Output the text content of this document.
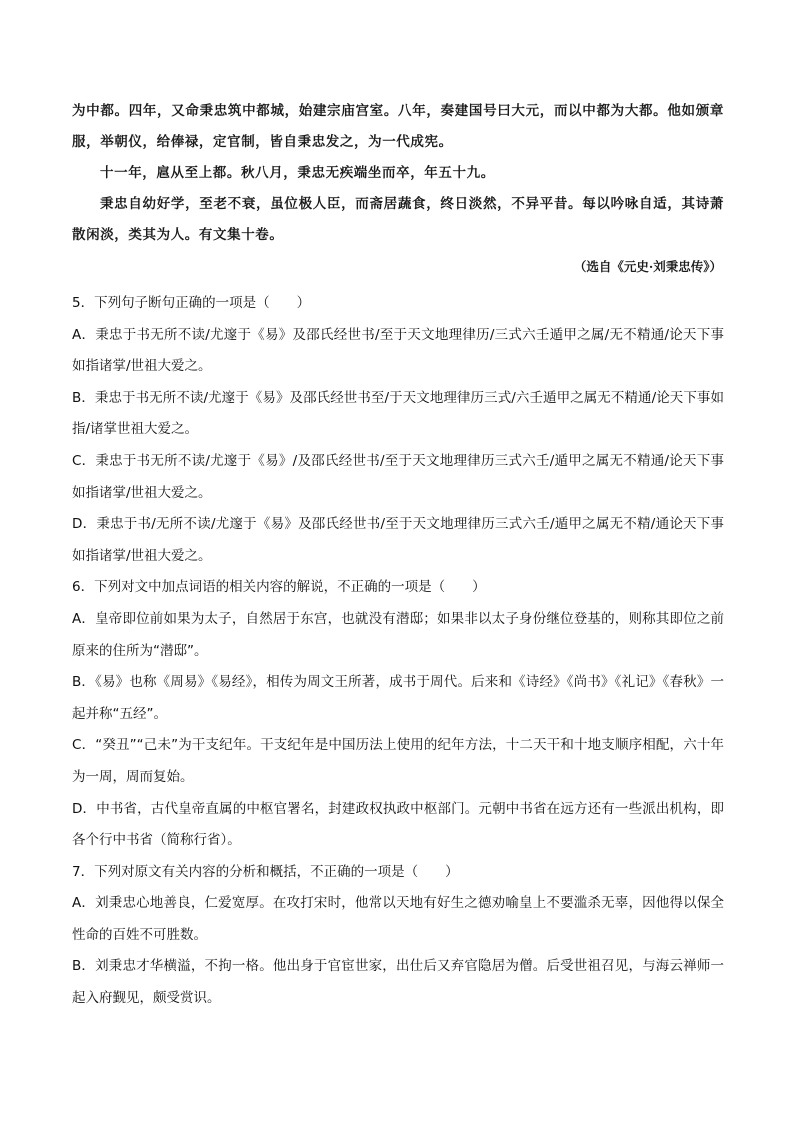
为中都。四年，又命秉忠筑中都城，始建宗庙宫室。八年，奏建国号曰大元，而以中都为大都。他如颁章服，举朝仪，给俸禄，定官制，皆自秉忠发之，为一代成宪。

十一年，扈从至上都。秋八月，秉忠无疾端坐而卒，年五十九。

秉忠自幼好学，至老不衰，虽位极人臣，而斋居蔬食，终日淡然，不异平昔。每以吟咏自适，其诗萧散闲淡，类其为人。有文集十卷。

（选自《元史·刘秉忠传》）

5．下列句子断句正确的一项是（　　）

A．秉忠于书无所不读/尤邃于《易》及邵氏经世书/至于天文地理律历/三式六壬遁甲之属/无不精通/论天下事如指诸掌/世祖大爱之。

B．秉忠于书无所不读/尤邃于《易》及邵氏经世书至/于天文地理律历三式/六壬遁甲之属无不精通/论天下事如指/诸掌世祖大爱之。

C．秉忠于书无所不读/尤邃于《易》/及邵氏经世书/至于天文地理律历三式六壬/遁甲之属无不精通/论天下事如指诸掌/世祖大爱之。

D．秉忠于书/无所不读/尤邃于《易》及邵氏经世书/至于天文地理律历三式六壬/遁甲之属无不精/通论天下事如指诸掌/世祖大爱之。

6．下列对文中加点词语的相关内容的解说，不正确的一项是（　　）

A．皇帝即位前如果为太子，自然居于东宫，也就没有潜邸；如果非以太子身份继位登基的，则称其即位之前原来的住所为“潜邸”。

B．《易》也称《周易》《易经》，相传为周文王所著，成书于周代。后来和《诗经》《尚书》《礼记》《春秋》一起并称“五经”。

C．“癸丑”“己未”为干支纪年。干支纪年是中国历法上使用的纪年方法，十二天干和十地支顺序相配，六十年为一周，周而复始。

D．中书省，古代皇帝直属的中枢官署名，封建政权执政中枢部门。元朝中书省在远方还有一些派出机构，即各个行中书省（简称行省）。

7．下列对原文有关内容的分析和概括，不正确的一项是（　　）

A．刘秉忠心地善良，仁爱宽厚。在攻打宋时，他常以天地有好生之德劝喻皇上不要滥杀无辜，因他得以保全性命的百姓不可胜数。

B．刘秉忠才华横溢，不拘一格。他出身于官宦世家，出仕后又弃官隐居为僧。后受世祖召见，与海云禅师一起入府觐见，颇受赏识。
